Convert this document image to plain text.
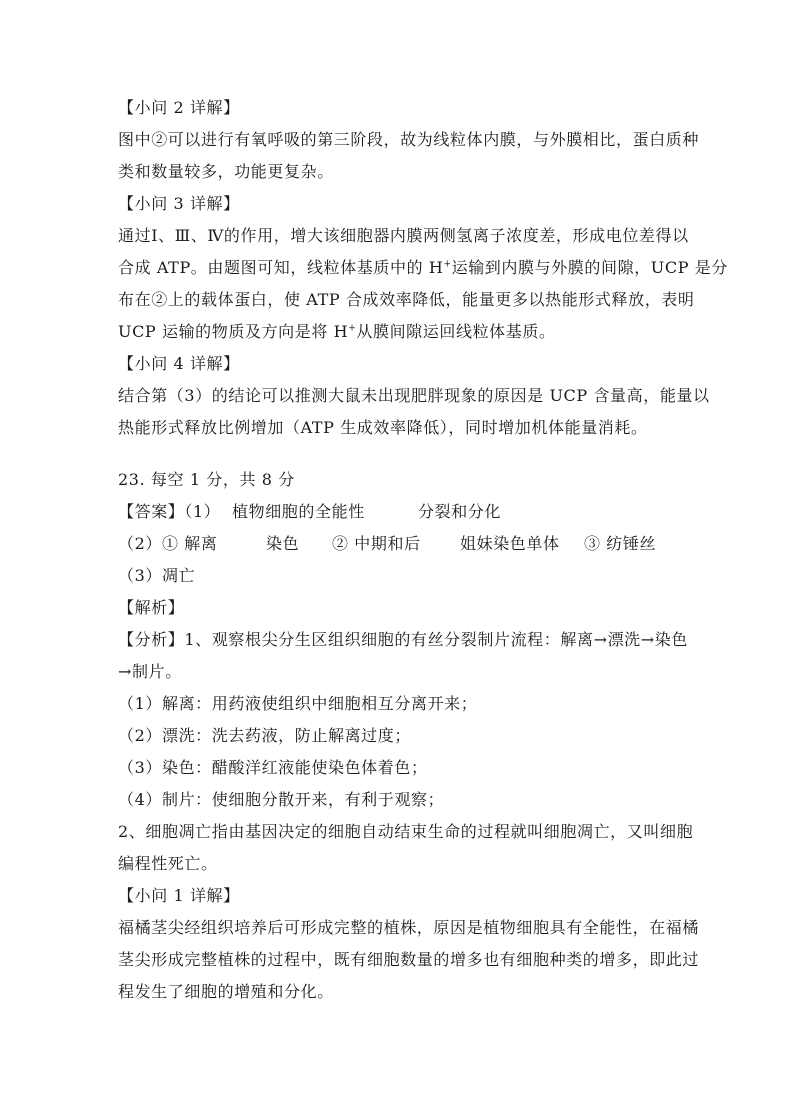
【小问 2 详解】
图中②可以进行有氧呼吸的第三阶段，故为线粒体内膜，与外膜相比，蛋白质种
类和数量较多，功能更复杂。
【小问 3 详解】
通过Ⅰ、Ⅲ、Ⅳ的作用，增大该细胞器内膜两侧氢离子浓度差，形成电位差得以
合成 ATP。由题图可知，线粒体基质中的 H+运输到内膜与外膜的间隙，UCP 是分
布在②上的载体蛋白，使 ATP 合成效率降低，能量更多以热能形式释放，表明
UCP 运输的物质及方向是将 H+从膜间隙运回线粒体基质。
【小问 4 详解】
结合第（3）的结论可以推测大鼠未出现肥胖现象的原因是 UCP 含量高，能量以
热能形式释放比例增加（ATP 生成效率降低），同时增加机体能量消耗。
23. 每空 1 分，共 8 分
【答案】（1） 植物细胞的全能性	分裂和分化
（2） ① 解离	染色	② 中期和后	姐妹染色单体	③ 纺锤丝
（3）凋亡
【解析】
【分析】1、观察根尖分生区组织细胞的有丝分裂制片流程：解离→漂洗→染色
→制片。
（1）解离：用药液使组织中细胞相互分离开来；
（2）漂洗：洗去药液，防止解离过度；
（3）染色：醋酸洋红液能使染色体着色；
（4）制片：使细胞分散开来，有利于观察；
2、细胞凋亡指由基因决定的细胞自动结束生命的过程就叫细胞凋亡，又叫细胞
编程性死亡。
【小问 1 详解】
福橘茎尖经组织培养后可形成完整的植株，原因是植物细胞具有全能性，在福橘
茎尖形成完整植株的过程中，既有细胞数量的增多也有细胞种类的增多，即此过
程发生了细胞的增殖和分化。
